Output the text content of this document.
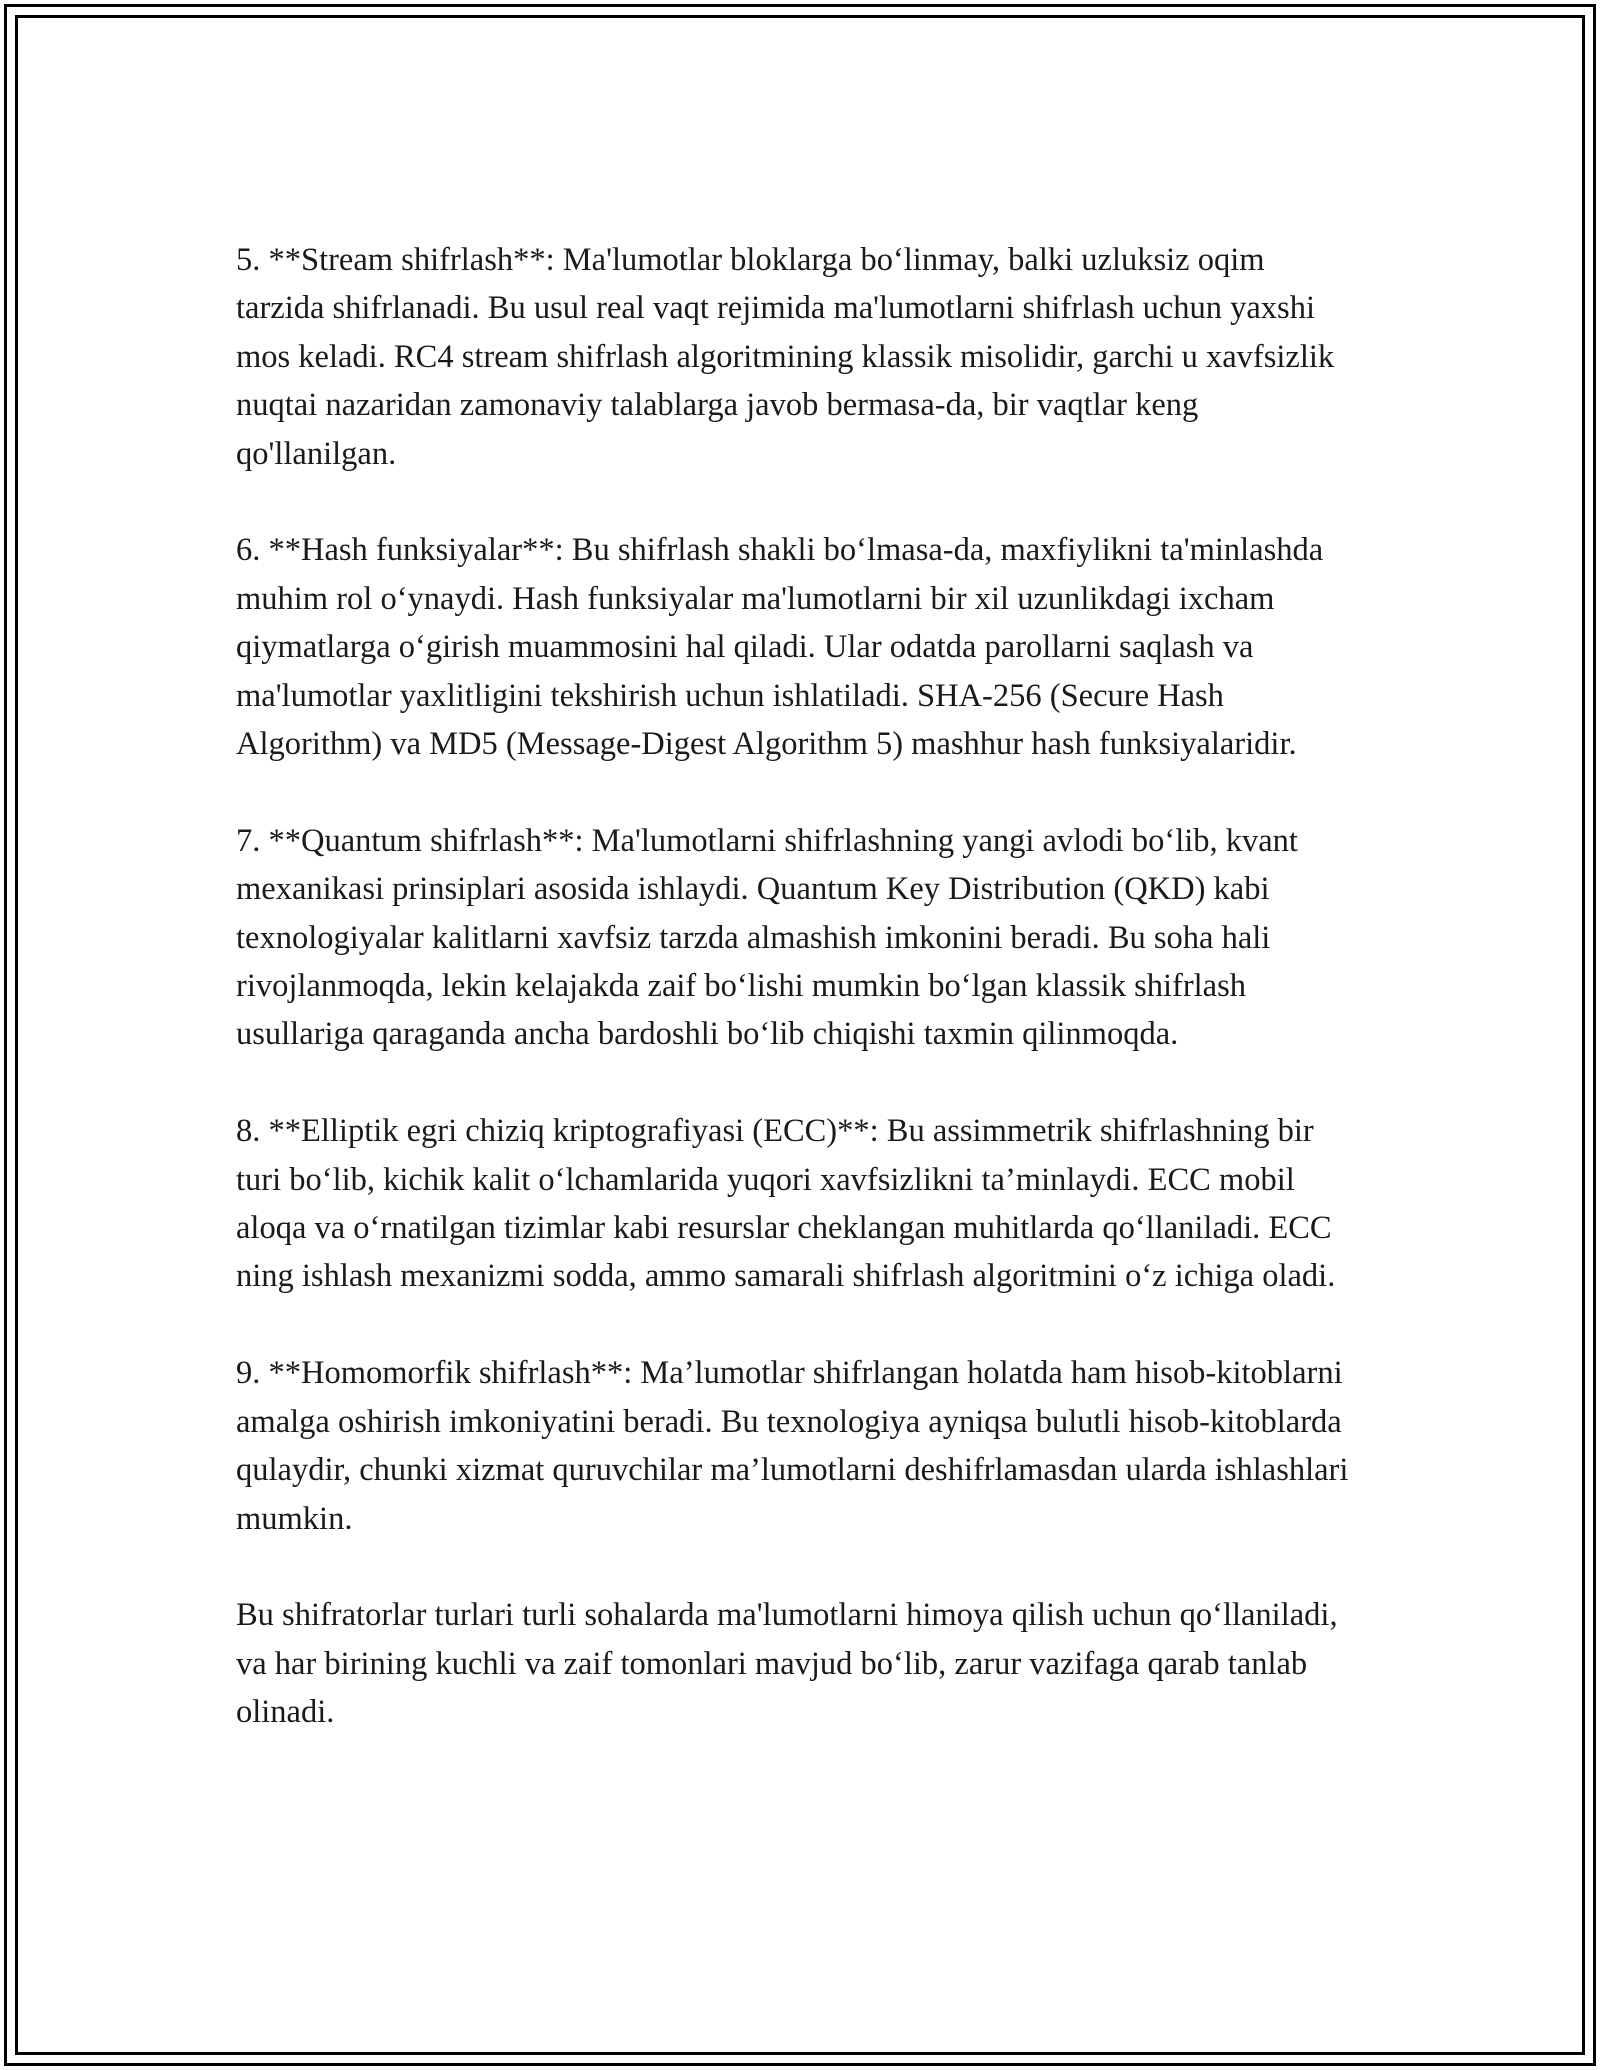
5. **Stream shifrlash**: Ma'lumotlar bloklarga bo‘linmay, balki uzluksiz oqim tarzida shifrlanadi. Bu usul real vaqt rejimida ma'lumotlarni shifrlash uchun yaxshi mos keladi. RC4 stream shifrlash algoritmining klassik misolidir, garchi u xavfsizlik nuqtai nazaridan zamonaviy talablarga javob bermasa-da, bir vaqtlar keng qo'llanilgan.

6. **Hash funksiyalar**: Bu shifrlash shakli bo‘lmasa-da, maxfiylikni ta'minlashda muhim rol o‘ynaydi. Hash funksiyalar ma'lumotlarni bir xil uzunlikdagi ixcham qiymatlarga o‘girish muammosini hal qiladi. Ular odatda parollarni saqlash va ma'lumotlar yaxlitligini tekshirish uchun ishlatiladi. SHA-256 (Secure Hash Algorithm) va MD5 (Message-Digest Algorithm 5) mashhur hash funksiyalaridir.

7. **Quantum shifrlash**: Ma'lumotlarni shifrlashning yangi avlodi bo‘lib, kvant mexanikasi prinsiplari asosida ishlaydi. Quantum Key Distribution (QKD) kabi texnologiyalar kalitlarni xavfsiz tarzda almashish imkonini beradi. Bu soha hali rivojlanmoqda, lekin kelajakda zaif bo‘lishi mumkin bo‘lgan klassik shifrlash usullariga qaraganda ancha bardoshli bo‘lib chiqishi taxmin qilinmoqda.

8. **Elliptik egri chiziq kriptografiyasi (ECC)**: Bu assimmetrik shifrlashning bir turi bo‘lib, kichik kalit o‘lchamlarida yuqori xavfsizlikni ta’minlaydi. ECC mobil aloqa va o‘rnatilgan tizimlar kabi resurslar cheklangan muhitlarda qo‘llaniladi. ECC ning ishlash mexanizmi sodda, ammo samarali shifrlash algoritmini o‘z ichiga oladi.

9. **Homomorfik shifrlash**: Ma’lumotlar shifrlangan holatda ham hisob-kitoblarni amalga oshirish imkoniyatini beradi. Bu texnologiya ayniqsa bulutli hisob-kitoblarda qulaydir, chunki xizmat quruvchilar ma’lumotlarni deshifrlamasdan ularda ishlashlari mumkin.

Bu shifratorlar turlari turli sohalarda ma'lumotlarni himoya qilish uchun qo‘llaniladi, va har birining kuchli va zaif tomonlari mavjud bo‘lib, zarur vazifaga qarab tanlab olinadi.
